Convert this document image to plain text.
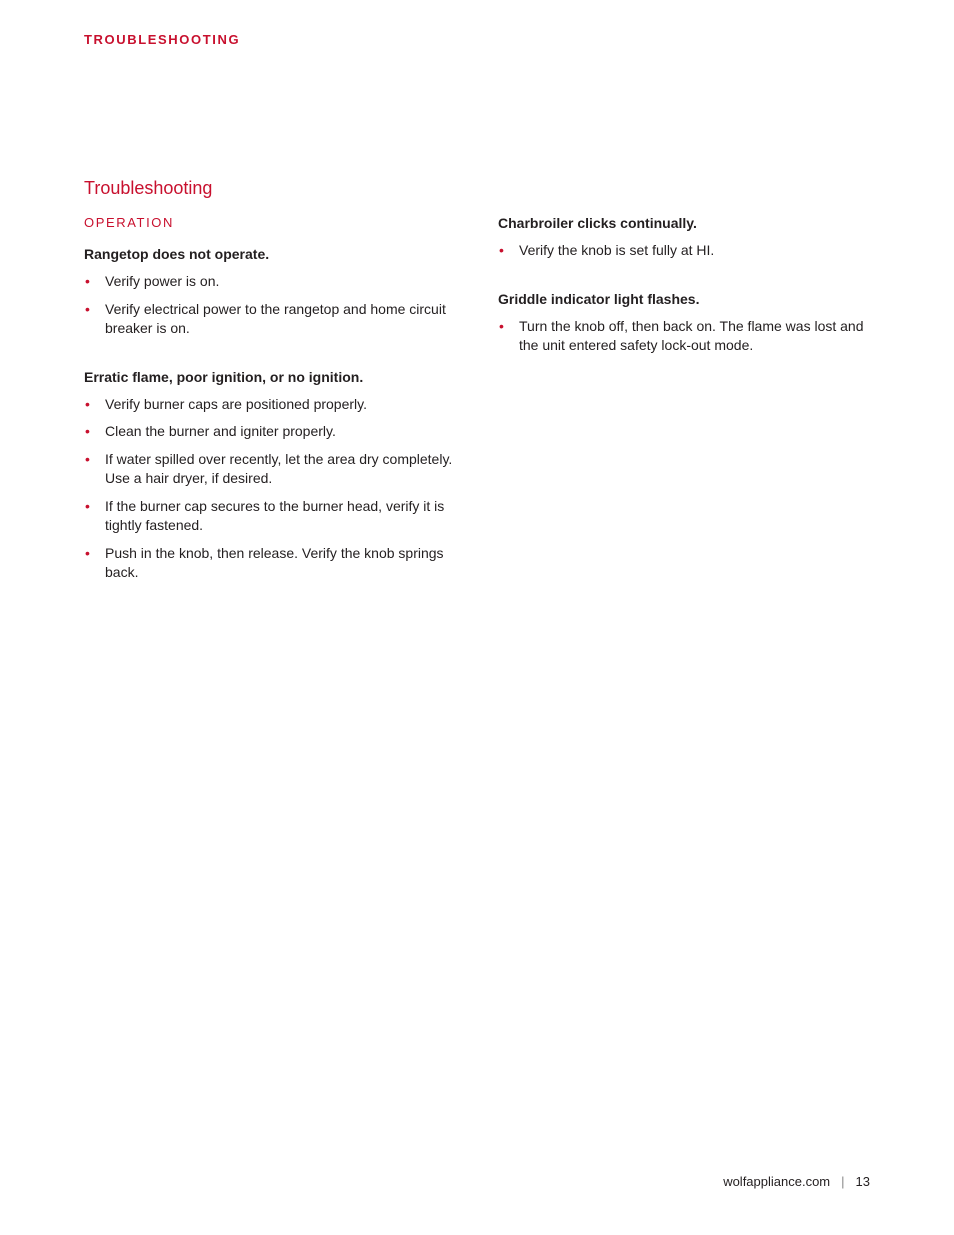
TROUBLESHOOTING
Troubleshooting

OPERATION

Rangetop does not operate.

• Verify power is on.
• Verify electrical power to the rangetop and home circuit breaker is on.

Erratic flame, poor ignition, or no ignition.

• Verify burner caps are positioned properly.
• Clean the burner and igniter properly.
• If water spilled over recently, let the area dry completely. Use a hair dryer, if desired.
• If the burner cap secures to the burner head, verify it is tightly fastened.
• Push in the knob, then release. Verify the knob springs back.

Charbroiler clicks continually.

• Verify the knob is set fully at HI.

Griddle indicator light flashes.

• Turn the knob off, then back on. The flame was lost and the unit entered safety lock-out mode.
wolfappliance.com | 13
